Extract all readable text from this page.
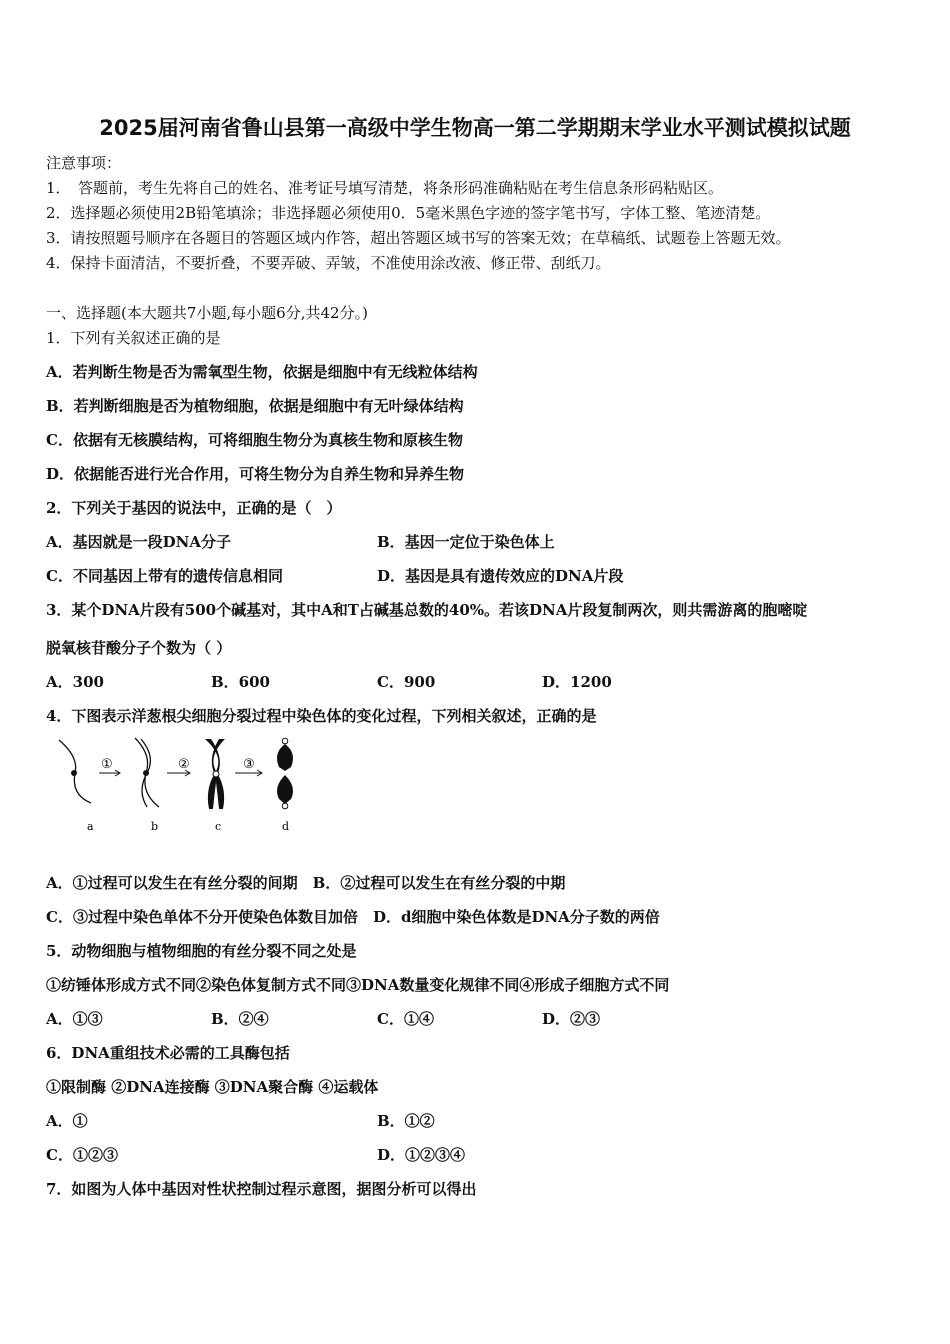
2025届河南省鲁山县第一高级中学生物高一第二学期期末学业水平测试模拟试题
注意事项：
1．　答题前，考生先将自己的姓名、准考证号填写清楚，将条形码准确粘贴在考生信息条形码粘贴区。
2．选择题必须使用2B铅笔填涂；非选择题必须使用0．5毫米黑色字迹的签字笔书写，字体工整、笔迹清楚。
3．请按照题号顺序在各题目的答题区域内作答，超出答题区域书写的答案无效；在草稿纸、试题卷上答题无效。
4．保持卡面清洁，不要折叠，不要弄破、弄皱，不准使用涂改液、修正带、刮纸刀。
一、选择题(本大题共7小题,每小题6分,共42分。)
1．下列有关叙述正确的是
A．若判断生物是否为需氧型生物，依据是细胞中有无线粒体结构
B．若判断细胞是否为植物细胞，依据是细胞中有无叶绿体结构
C．依据有无核膜结构，可将细胞生物分为真核生物和原核生物
D．依据能否进行光合作用，可将生物分为自养生物和异养生物
2．下列关于基因的说法中，正确的是（　）
A．基因就是一段DNA分子	B．基因一定位于染色体上
C．不同基因上带有的遗传信息相同	D．基因是具有遗传效应的DNA片段
3．某个DNA片段有500个碱基对，其中A和T占碱基总数的40%。若该DNA片段复制两次，则共需游离的胞嘧啶
脱氧核苷酸分子个数为（ ）
A．300	B．600	C．900	D．1200
4．下图表示洋葱根尖细胞分裂过程中染色体的变化过程，下列相关叙述，正确的是
①	②	③
a	b	c	d
A．①过程可以发生在有丝分裂的间期　B．②过程可以发生在有丝分裂的中期
C．③过程中染色单体不分开使染色体数目加倍　D．d细胞中染色体数是DNA分子数的两倍
5．动物细胞与植物细胞的有丝分裂不同之处是
①纺锤体形成方式不同②染色体复制方式不同③DNA数量变化规律不同④形成子细胞方式不同
A．①③	B．②④	C．①④	D．②③
6．DNA重组技术必需的工具酶包括
①限制酶 ②DNA连接酶 ③DNA聚合酶 ④运载体
A．①	B．①②
C．①②③	D．①②③④
7．如图为人体中基因对性状控制过程示意图，据图分析可以得出
